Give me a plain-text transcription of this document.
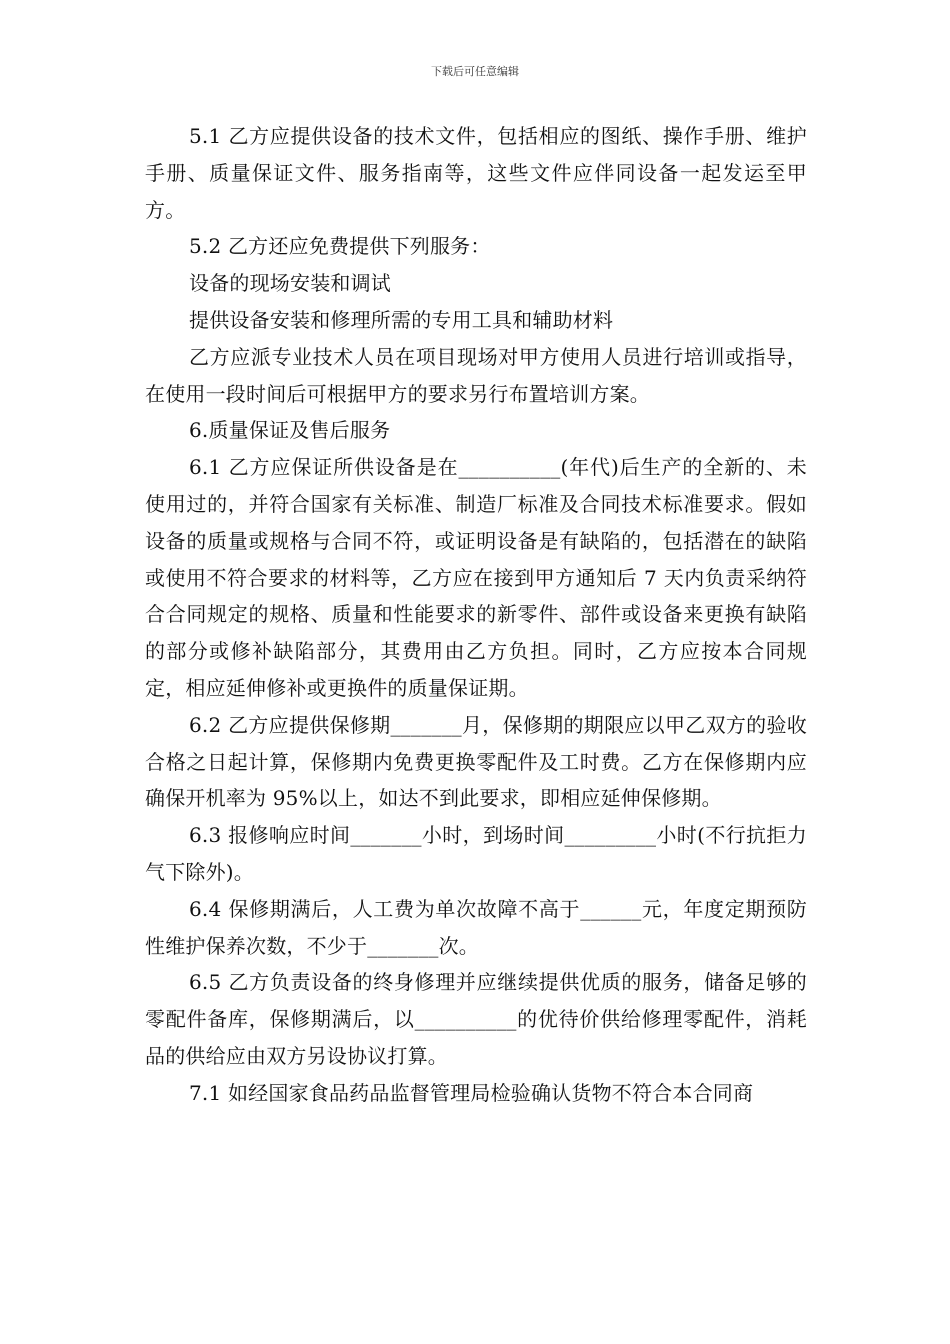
下载后可任意编辑

5.1 乙方应提供设备的技术文件，包括相应的图纸、操作手册、维护手册、质量保证文件、服务指南等，这些文件应伴同设备一起发运至甲方。

5.2 乙方还应免费提供下列服务：

设备的现场安装和调试

提供设备安装和修理所需的专用工具和辅助材料

乙方应派专业技术人员在项目现场对甲方使用人员进行培训或指导，在使用一段时间后可根据甲方的要求另行布置培训方案。

6.质量保证及售后服务

6.1 乙方应保证所供设备是在__________(年代)后生产的全新的、未使用过的，并符合国家有关标准、制造厂标准及合同技术标准要求。假如设备的质量或规格与合同不符，或证明设备是有缺陷的，包括潜在的缺陷或使用不符合要求的材料等，乙方应在接到甲方通知后 7 天内负责采纳符合合同规定的规格、质量和性能要求的新零件、部件或设备来更换有缺陷的部分或修补缺陷部分，其费用由乙方负担。同时，乙方应按本合同规定，相应延伸修补或更换件的质量保证期。

6.2 乙方应提供保修期_______月，保修期的期限应以甲乙双方的验收合格之日起计算，保修期内免费更换零配件及工时费。乙方在保修期内应确保开机率为 95%以上，如达不到此要求，即相应延伸保修期。

6.3 报修响应时间_______小时，到场时间_________小时(不行抗拒力气下除外)。

6.4 保修期满后，人工费为单次故障不高于______元，年度定期预防性维护保养次数，不少于_______次。

6.5 乙方负责设备的终身修理并应继续提供优质的服务，储备足够的零配件备库，保修期满后，以__________的优待价供给修理零配件，消耗品的供给应由双方另设协议打算。

7.1 如经国家食品药品监督管理局检验确认货物不符合本合同商
